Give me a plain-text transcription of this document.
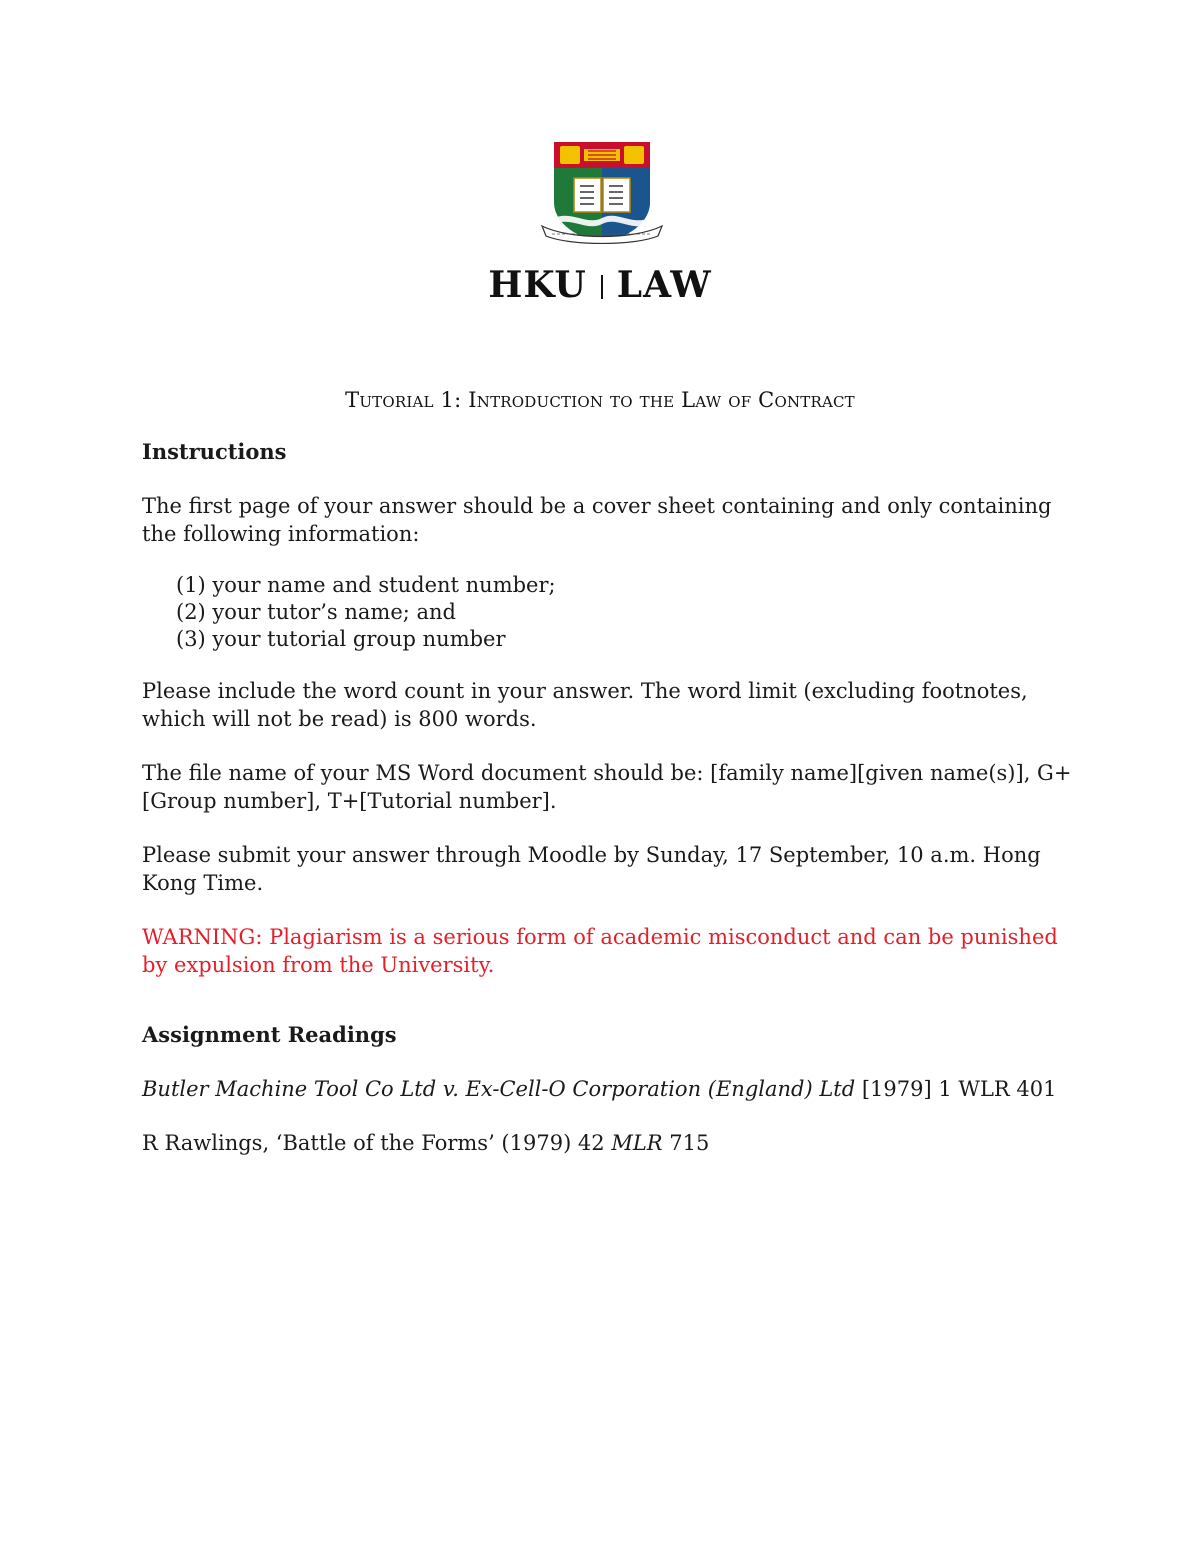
HKU LAW
Tutorial 1: Introduction to the Law of Contract

Instructions

The first page of your answer should be a cover sheet containing and only containing the following information:

(1) your name and student number;
(2) your tutor’s name; and
(3) your tutorial group number

Please include the word count in your answer. The word limit (excluding footnotes, which will not be read) is 800 words.

The file name of your MS Word document should be: [family name][given name(s)], G+[Group number], T+[Tutorial number].

Please submit your answer through Moodle by Sunday, 17 September, 10 a.m. Hong Kong Time.

WARNING: Plagiarism is a serious form of academic misconduct and can be punished by expulsion from the University.

Assignment Readings

Butler Machine Tool Co Ltd v. Ex-Cell-O Corporation (England) Ltd [1979] 1 WLR 401

R Rawlings, ‘Battle of the Forms’ (1979) 42 MLR 715
